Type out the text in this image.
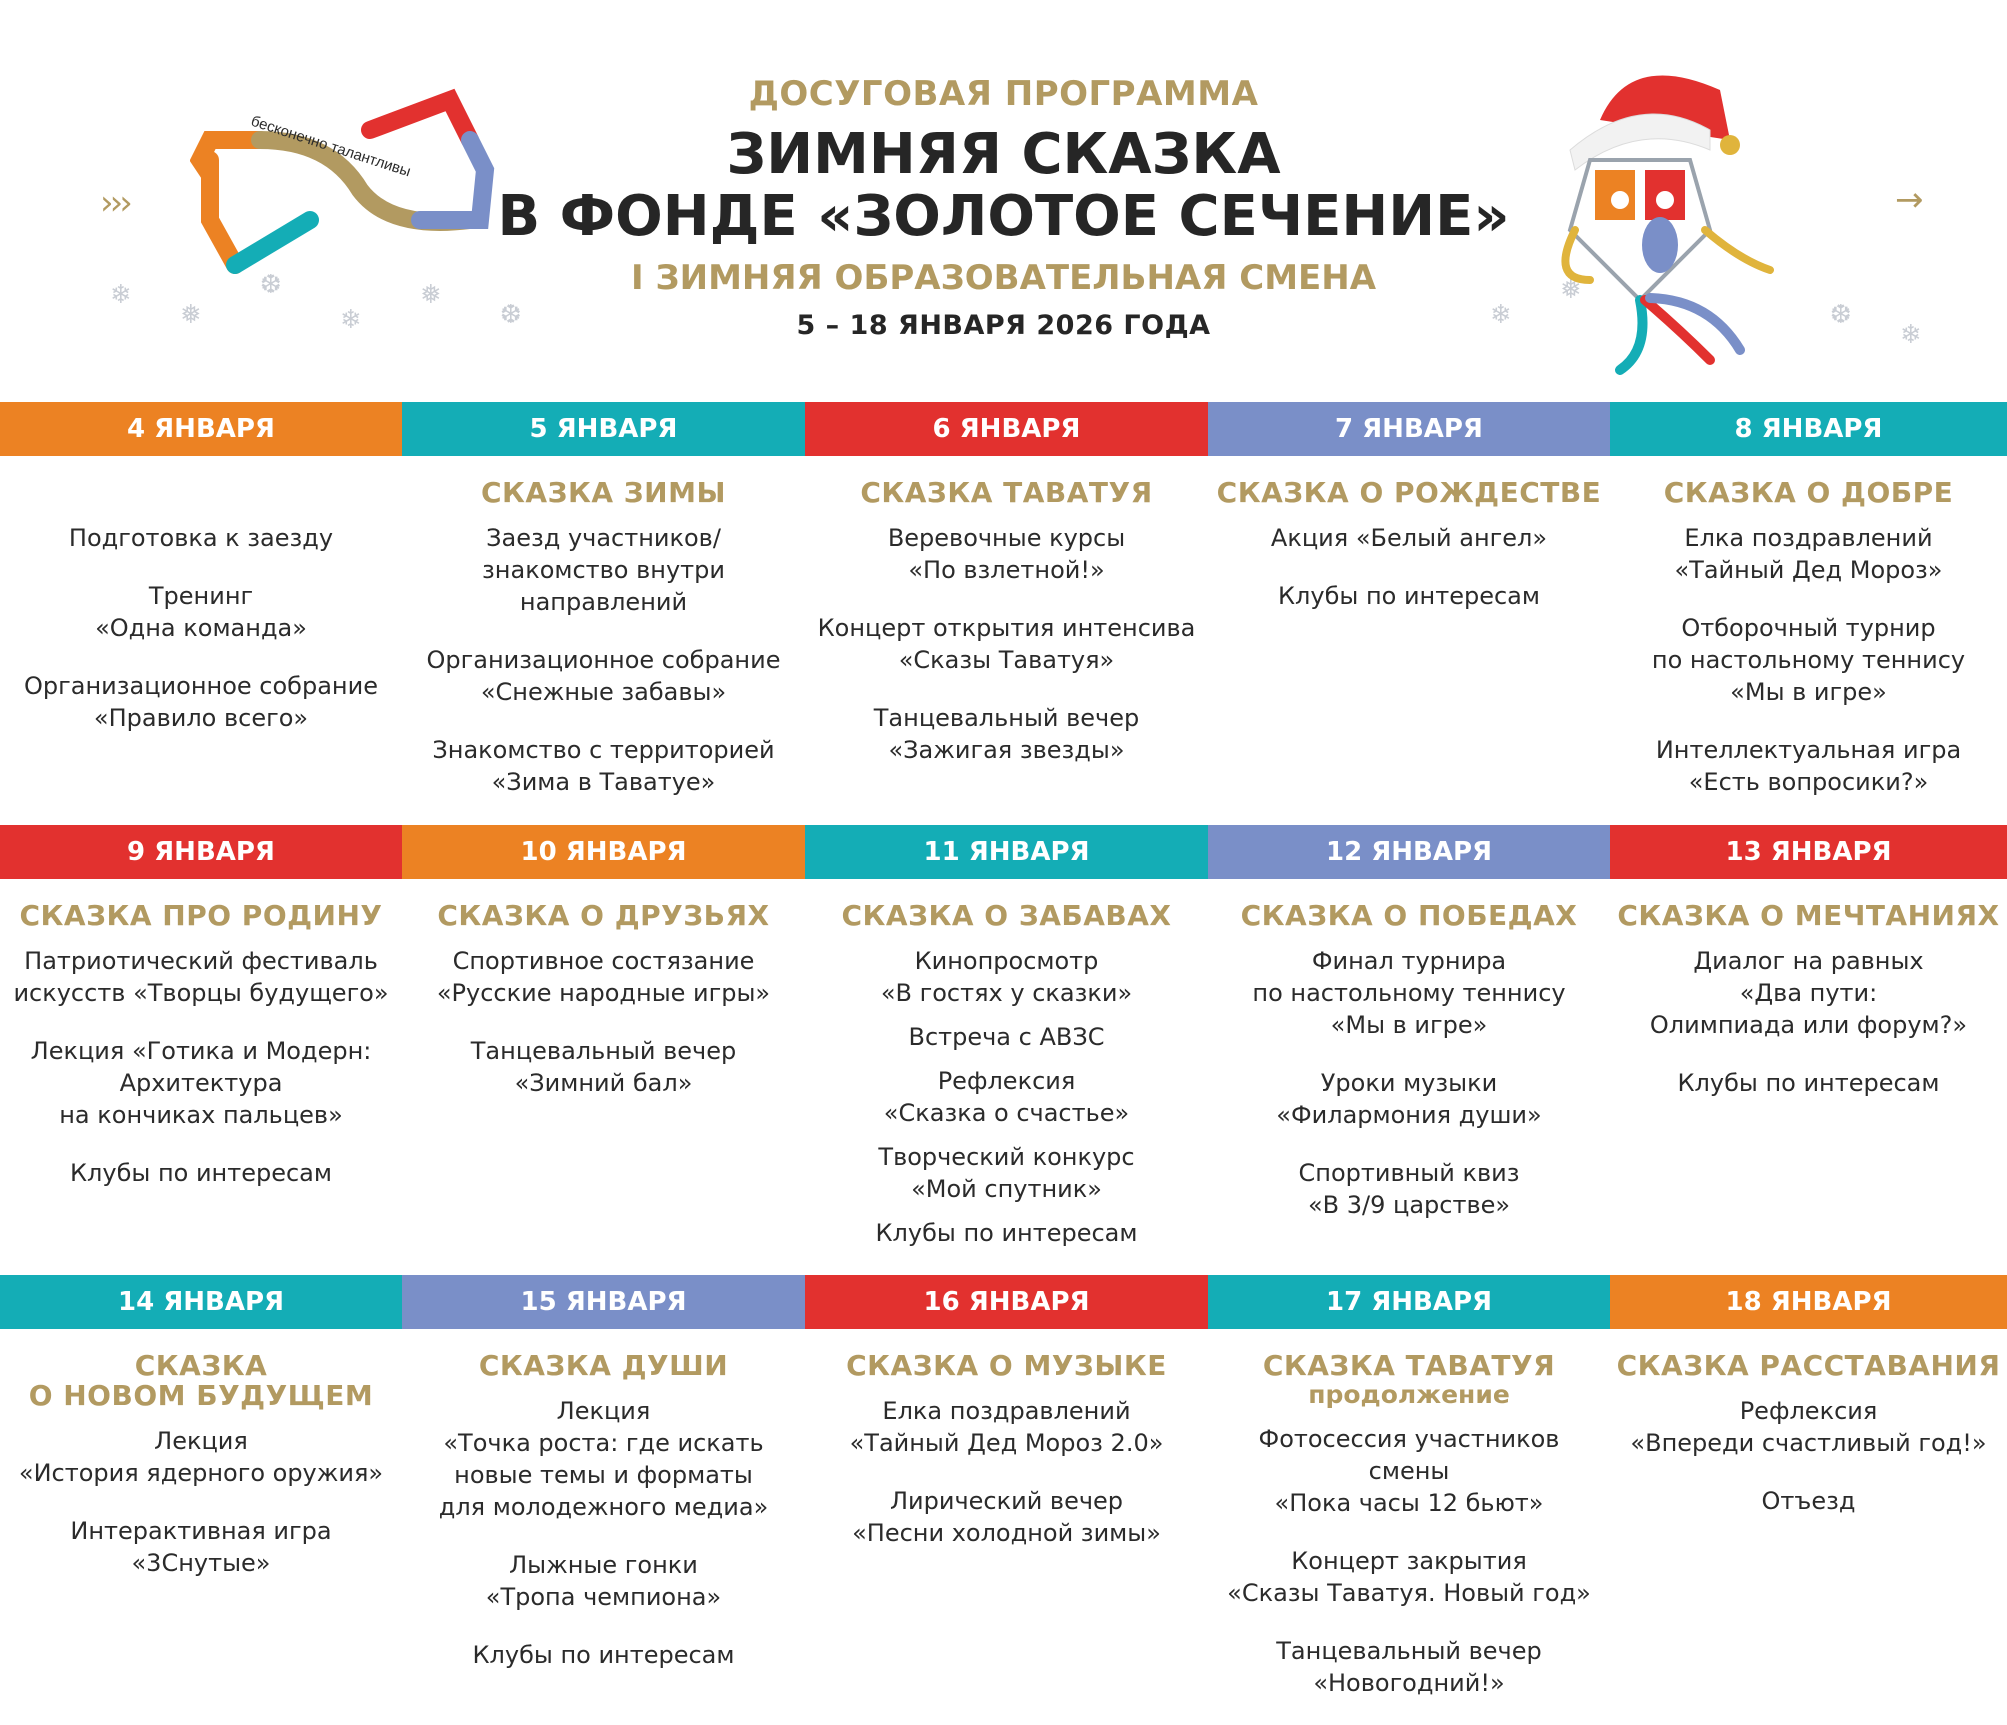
бесконечно талантливы
›››	→
❄
❅
❆
❄
❅
❆	❄
❅
❆
❄
ДОСУГОВАЯ ПРОГРАММА
ЗИМНЯЯ СКАЗКА
В ФОНДЕ «ЗОЛОТОЕ СЕЧЕНИЕ»
I ЗИМНЯЯ ОБРАЗОВАТЕЛЬНАЯ СМЕНА
5 – 18 ЯНВАРЯ 2026 ГОДА
4 ЯНВАРЯ
Подготовка к заезду
Тренинг
«Одна команда»
Организационное собрание
«Правило всего»
5 ЯНВАРЯ
СКАЗКА ЗИМЫ
Заезд участников/
знакомство внутри направлений
Организационное собрание
«Снежные забавы»
Знакомство с территорией
«Зима в Таватуе»
6 ЯНВАРЯ
СКАЗКА ТАВАТУЯ
Веревочные курсы
«По взлетной!»
Концерт открытия интенсива
«Сказы Таватуя»
Танцевальный вечер
«Зажигая звезды»
7 ЯНВАРЯ
СКАЗКА О РОЖДЕСТВЕ
Акция «Белый ангел»
Клубы по интересам
8 ЯНВАРЯ
СКАЗКА О ДОБРЕ
Елка поздравлений
«Тайный Дед Мороз»
Отборочный турнир
по настольному теннису
«Мы в игре»
Интеллектуальная игра
«Есть вопросики?»
9 ЯНВАРЯ
СКАЗКА ПРО РОДИНУ
Патриотический фестиваль
искусств «Творцы будущего»
Лекция «Готика и Модерн:
Архитектура
на кончиках пальцев»
Клубы по интересам
10 ЯНВАРЯ
СКАЗКА О ДРУЗЬЯХ
Спортивное состязание
«Русские народные игры»
Танцевальный вечер
«Зимний бал»
11 ЯНВАРЯ
СКАЗКА О ЗАБАВАХ
Кинопросмотр
«В гостях у сказки»
Встреча с АВЗС
Рефлексия
«Сказка о счастье»
Творческий конкурс
«Мой спутник»
Клубы по интересам
12 ЯНВАРЯ
СКАЗКА О ПОБЕДАХ
Финал турнира
по настольному теннису
«Мы в игре»
Уроки музыки
«Филармония души»
Спортивный квиз
«В 3/9 царстве»
13 ЯНВАРЯ
СКАЗКА О МЕЧТАНИЯХ
Диалог на равных
«Два пути:
Олимпиада или форум?»
Клубы по интересам
14 ЯНВАРЯ
СКАЗКА
О НОВОМ БУДУЩЕМ
Лекция
«История ядерного оружия»
Интерактивная игра
«3Снутые»
15 ЯНВАРЯ
СКАЗКА ДУШИ
Лекция
«Точка роста: где искать
новые темы и форматы
для молодежного медиа»
Лыжные гонки
«Тропа чемпиона»
Клубы по интересам
16 ЯНВАРЯ
СКАЗКА О МУЗЫКЕ
Елка поздравлений
«Тайный Дед Мороз 2.0»
Лирический вечер
«Песни холодной зимы»
17 ЯНВАРЯ
СКАЗКА ТАВАТУЯ
продолжение
Фотосессия участников
смены
«Пока часы 12 бьют»
Концерт закрытия
«Сказы Таватуя. Новый год»
Танцевальный вечер
«Новогодний!»
18 ЯНВАРЯ
СКАЗКА РАССТАВАНИЯ
Рефлексия
«Впереди счастливый год!»
Отъезд
